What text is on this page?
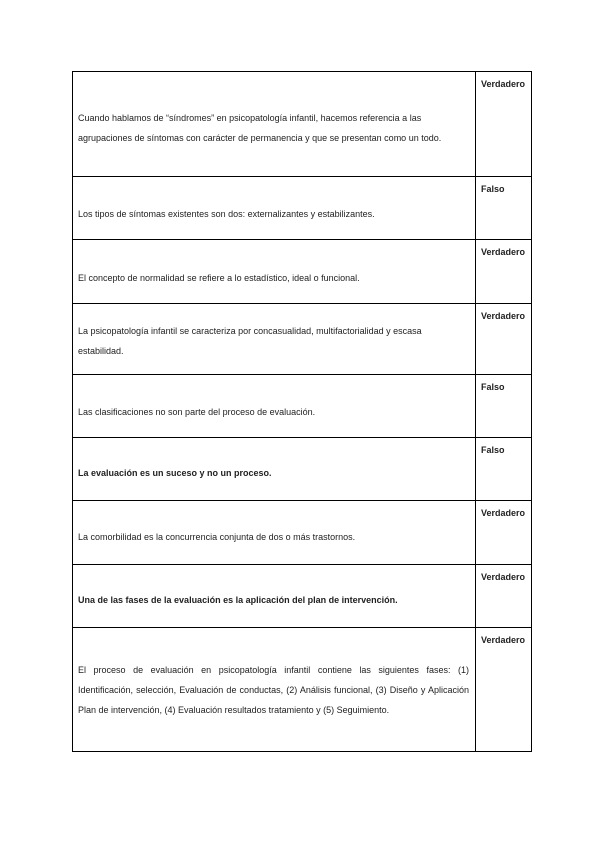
Cuando hablamos de “síndromes” en psicopatología infantil, hacemos referencia a las agrupaciones de síntomas con carácter de permanencia y que se presentan como un todo.	Verdadero

Los tipos de síntomas existentes son dos: externalizantes y estabilizantes.	Falso

El concepto de normalidad se refiere a lo estadístico, ideal o funcional.	Verdadero

La psicopatología infantil se caracteriza por concasualidad, multifactorialidad y escasa estabilidad.	Verdadero

Las clasificaciones no son parte del proceso de evaluación.	Falso

La evaluación es un suceso y no un proceso.	Falso

La comorbilidad es la concurrencia conjunta de dos o más trastornos.	Verdadero

Una de las fases de la evaluación es la aplicación del plan de intervención.	Verdadero

El proceso de evaluación en psicopatología infantil contiene las siguientes fases: (1) Identificación, selección, Evaluación de conductas, (2) Análisis funcional, (3) Diseño y Aplicación Plan de intervención, (4) Evaluación resultados tratamiento y (5) Seguimiento.	Verdadero
